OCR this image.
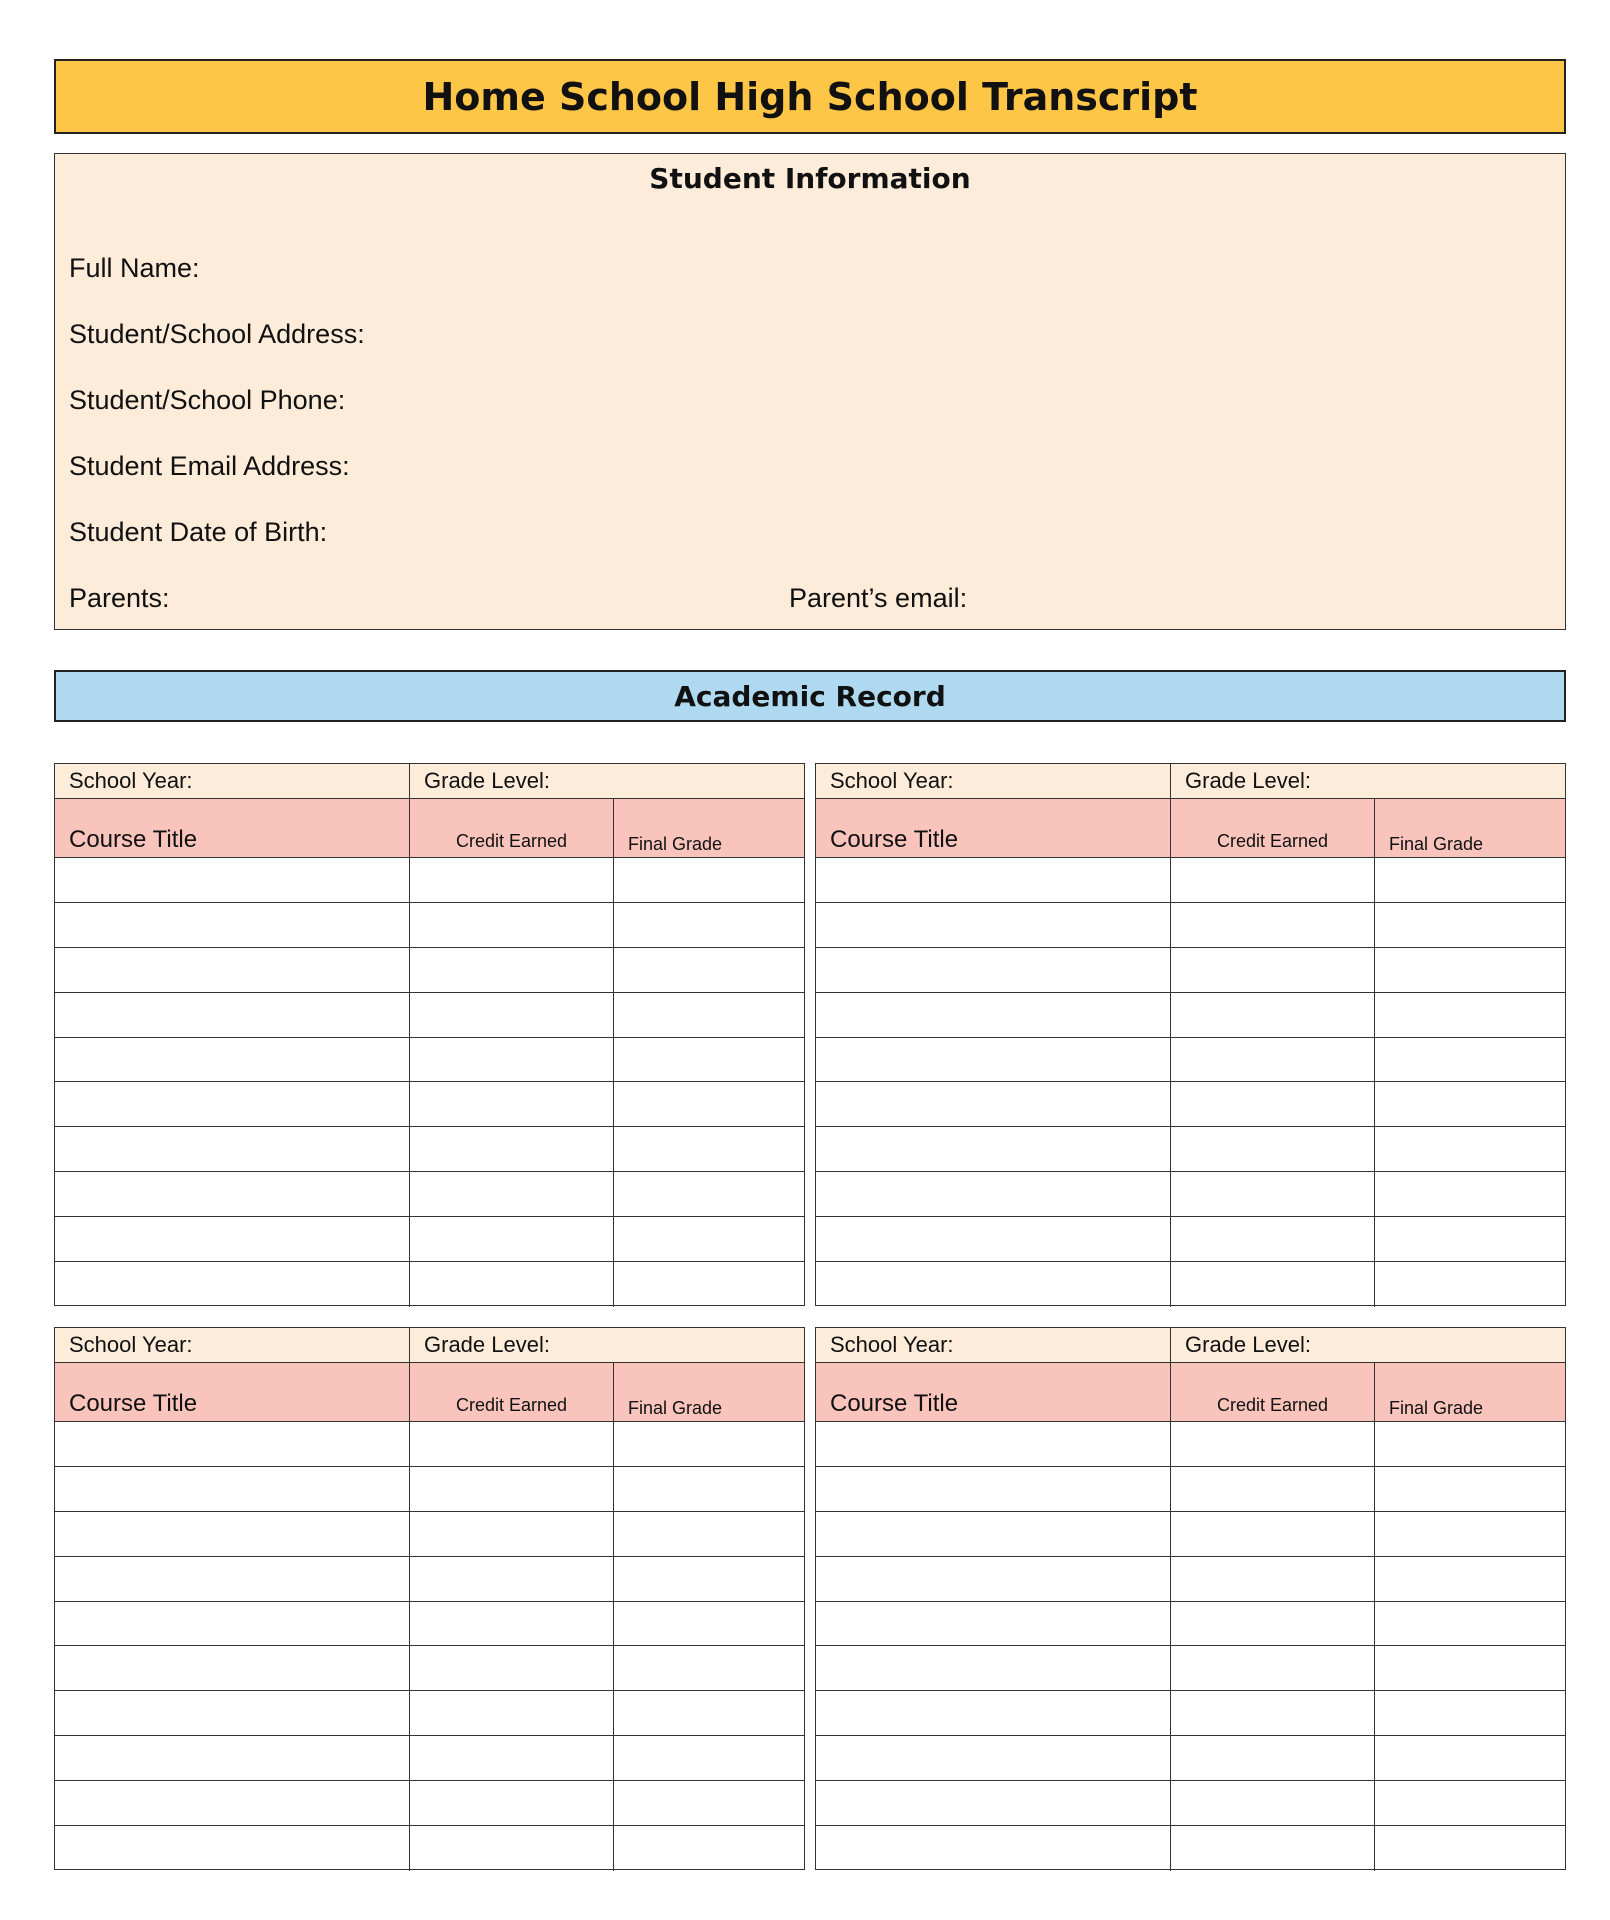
Home School High School Transcript
Student Information
Full Name:
Student/School Address:
Student/School Phone:
Student Email Address:
Student Date of Birth:
Parents:	Parent’s email:
Academic Record
School Year:	Grade Level:
Course Title	Credit Earned	Final Grade
School Year:	Grade Level:
Course Title	Credit Earned	Final Grade
School Year:	Grade Level:
Course Title	Credit Earned	Final Grade
School Year:	Grade Level:
Course Title	Credit Earned	Final Grade
